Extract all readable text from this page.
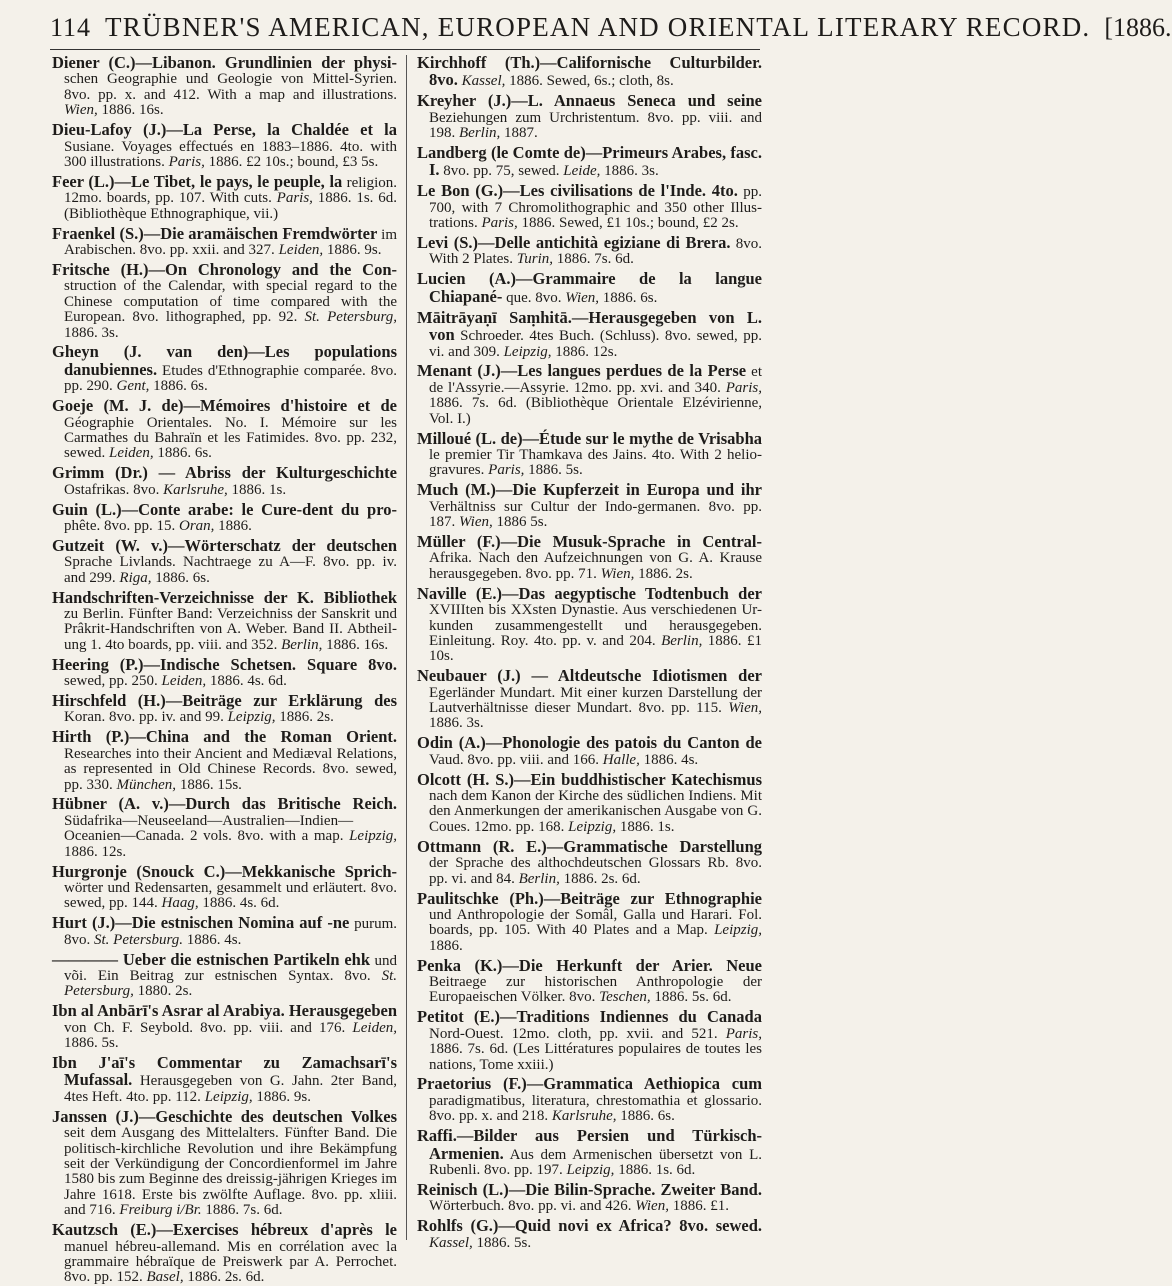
114 TRÜBNER'S AMERICAN, EUROPEAN AND ORIENTAL LITERARY RECORD. [1886.

Diener (C.)—Libanon. Grundlinien der physi- schen Geographie und Geologie von Mittel-Syrien. 8vo. pp. x. and 412. With a map and illustrations. Wien, 1886. 16s.

Dieu-Lafoy (J.)—La Perse, la Chaldée et la Susiane. Voyages effectués en 1883–1886. 4to. with 300 illustrations. Paris, 1886. £2 10s.; bound, £3 5s.

Feer (L.)—Le Tibet, le pays, le peuple, la religion. 12mo. boards, pp. 107. With cuts. Paris, 1886. 1s. 6d. (Bibliothèque Ethnographique, vii.)

Fraenkel (S.)—Die aramäischen Fremdwörter im Arabischen. 8vo. pp. xxii. and 327. Leiden, 1886. 9s.

Fritsche (H.)—On Chronology and the Con- struction of the Calendar, with special regard to the Chinese computation of time compared with the European. 8vo. lithographed, pp. 92. St. Petersburg, 1886. 3s.

Gheyn (J. van den)—Les populations danubiennes. Etudes d'Ethnographie comparée. 8vo. pp. 290. Gent, 1886. 6s.

Goeje (M. J. de)—Mémoires d'histoire et de Géographie Orientales. No. I. Mémoire sur les Carmathes du Bahraïn et les Fatimides. 8vo. pp. 232, sewed. Leiden, 1886. 6s.

Grimm (Dr.) — Abriss der Kulturgeschichte Ostafrikas. 8vo. Karlsruhe, 1886. 1s.

Guin (L.)—Conte arabe: le Cure-dent du pro- phête. 8vo. pp. 15. Oran, 1886.

Gutzeit (W. v.)—Wörterschatz der deutschen Sprache Livlands. Nachtraege zu A—F. 8vo. pp. iv. and 299. Riga, 1886. 6s.

Handschriften-Verzeichnisse der K. Bibliothek zu Berlin. Fünfter Band: Verzeichniss der Sanskrit und Prâkrit-Handschriften von A. Weber. Band II. Abtheil-ung 1. 4to boards, pp. viii. and 352. Berlin, 1886. 16s.

Heering (P.)—Indische Schetsen. Square 8vo. sewed, pp. 250. Leiden, 1886. 4s. 6d.

Hirschfeld (H.)—Beiträge zur Erklärung des Koran. 8vo. pp. iv. and 99. Leipzig, 1886. 2s.

Hirth (P.)—China and the Roman Orient. Researches into their Ancient and Mediæval Relations, as represented in Old Chinese Records. 8vo. sewed, pp. 330. München, 1886. 15s.

Hübner (A. v.)—Durch das Britische Reich. Südafrika—Neuseeland—Australien—Indien—Oceanien—Canada. 2 vols. 8vo. with a map. Leipzig, 1886. 12s.

Hurgronje (Snouck C.)—Mekkanische Sprich- wörter und Redensarten, gesammelt und erläutert. 8vo. sewed, pp. 144. Haag, 1886. 4s. 6d.

Hurt (J.)—Die estnischen Nomina auf -ne purum. 8vo. St. Petersburg. 1886. 4s.

———— Ueber die estnischen Partikeln ehk und või. Ein Beitrag zur estnischen Syntax. 8vo. St. Petersburg, 1880. 2s.

Ibn al Anbārī's Asrar al Arabiya. Herausgegeben von Ch. F. Seybold. 8vo. pp. viii. and 176. Leiden, 1886. 5s.

Ibn J'aī's Commentar zu Zamachsarī's Mufassal. Herausgegeben von G. Jahn. 2ter Band, 4tes Heft. 4to. pp. 112. Leipzig, 1886. 9s.

Janssen (J.)—Geschichte des deutschen Volkes seit dem Ausgang des Mittelalters. Fünfter Band. Die politisch-kirchliche Revolution und ihre Bekämpfung seit der Verkündigung der Concordienformel im Jahre 1580 bis zum Beginne des dreissig-jährigen Krieges im Jahre 1618. Erste bis zwölfte Auflage. 8vo. pp. xliii. and 716. Freiburg i/Br. 1886. 7s. 6d.

Kautzsch (E.)—Exercises hébreux d'après le manuel hébreu-allemand. Mis en corrélation avec la grammaire hébraïque de Preiswerk par A. Perrochet. 8vo. pp. 152. Basel, 1886. 2s. 6d.

Kirchhoff (Th.)—Californische Culturbilder. 8vo. Kassel, 1886. Sewed, 6s.; cloth, 8s.

Kreyher (J.)—L. Annaeus Seneca und seine Beziehungen zum Urchristentum. 8vo. pp. viii. and 198. Berlin, 1887.

Landberg (le Comte de)—Primeurs Arabes, fasc. I. 8vo. pp. 75, sewed. Leide, 1886. 3s.

Le Bon (G.)—Les civilisations de l'Inde. 4to. pp. 700, with 7 Chromolithographic and 350 other Illus-trations. Paris, 1886. Sewed, £1 10s.; bound, £2 2s.

Levi (S.)—Delle antichità egiziane di Brera. 8vo. With 2 Plates. Turin, 1886. 7s. 6d.

Lucien (A.)—Grammaire de la langue Chiapané- que. 8vo. Wien, 1886. 6s.

Māitrāyaṇī Saṃhitā.—Herausgegeben von L. von Schroeder. 4tes Buch. (Schluss). 8vo. sewed, pp. vi. and 309. Leipzig, 1886. 12s.

Menant (J.)—Les langues perdues de la Perse et de l'Assyrie.—Assyrie. 12mo. pp. xvi. and 340. Paris, 1886. 7s. 6d. (Bibliothèque Orientale Elzévirienne, Vol. I.)

Milloué (L. de)—Étude sur le mythe de Vrisabha le premier Tir Thamkava des Jains. 4to. With 2 helio-gravures. Paris, 1886. 5s.

Much (M.)—Die Kupferzeit in Europa und ihr Verhältniss sur Cultur der Indo-germanen. 8vo. pp. 187. Wien, 1886 5s.

Müller (F.)—Die Musuk-Sprache in Central- Afrika. Nach den Aufzeichnungen von G. A. Krause herausgegeben. 8vo. pp. 71. Wien, 1886. 2s.

Naville (E.)—Das aegyptische Todtenbuch der XVIIIten bis XXsten Dynastie. Aus verschiedenen Ur-kunden zusammengestellt und herausgegeben. Einleitung. Roy. 4to. pp. v. and 204. Berlin, 1886. £1 10s.

Neubauer (J.) — Altdeutsche Idiotismen der Egerländer Mundart. Mit einer kurzen Darstellung der Lautverhältnisse dieser Mundart. 8vo. pp. 115. Wien, 1886. 3s.

Odin (A.)—Phonologie des patois du Canton de Vaud. 8vo. pp. viii. and 166. Halle, 1886. 4s.

Olcott (H. S.)—Ein buddhistischer Katechismus nach dem Kanon der Kirche des südlichen Indiens. Mit den Anmerkungen der amerikanischen Ausgabe von G. Coues. 12mo. pp. 168. Leipzig, 1886. 1s.

Ottmann (R. E.)—Grammatische Darstellung der Sprache des althochdeutschen Glossars Rb. 8vo. pp. vi. and 84. Berlin, 1886. 2s. 6d.

Paulitschke (Ph.)—Beiträge zur Ethnographie und Anthropologie der Somâl, Galla und Harari. Fol. boards, pp. 105. With 40 Plates and a Map. Leipzig, 1886.

Penka (K.)—Die Herkunft der Arier. Neue Beitraege zur historischen Anthropologie der Europaeischen Völker. 8vo. Teschen, 1886. 5s. 6d.

Petitot (E.)—Traditions Indiennes du Canada Nord-Ouest. 12mo. cloth, pp. xvii. and 521. Paris, 1886. 7s. 6d. (Les Littératures populaires de toutes les nations, Tome xxiii.)

Praetorius (F.)—Grammatica Aethiopica cum paradigmatibus, literatura, chrestomathia et glossario. 8vo. pp. x. and 218. Karlsruhe, 1886. 6s.

Raffi.—Bilder aus Persien und Türkisch-Armenien. Aus dem Armenischen übersetzt von L. Rubenli. 8vo. pp. 197. Leipzig, 1886. 1s. 6d.

Reinisch (L.)—Die Bilin-Sprache. Zweiter Band. Wörterbuch. 8vo. pp. vi. and 426. Wien, 1886. £1.

Rohlfs (G.)—Quid novi ex Africa? 8vo. sewed. Kassel, 1886. 5s.
